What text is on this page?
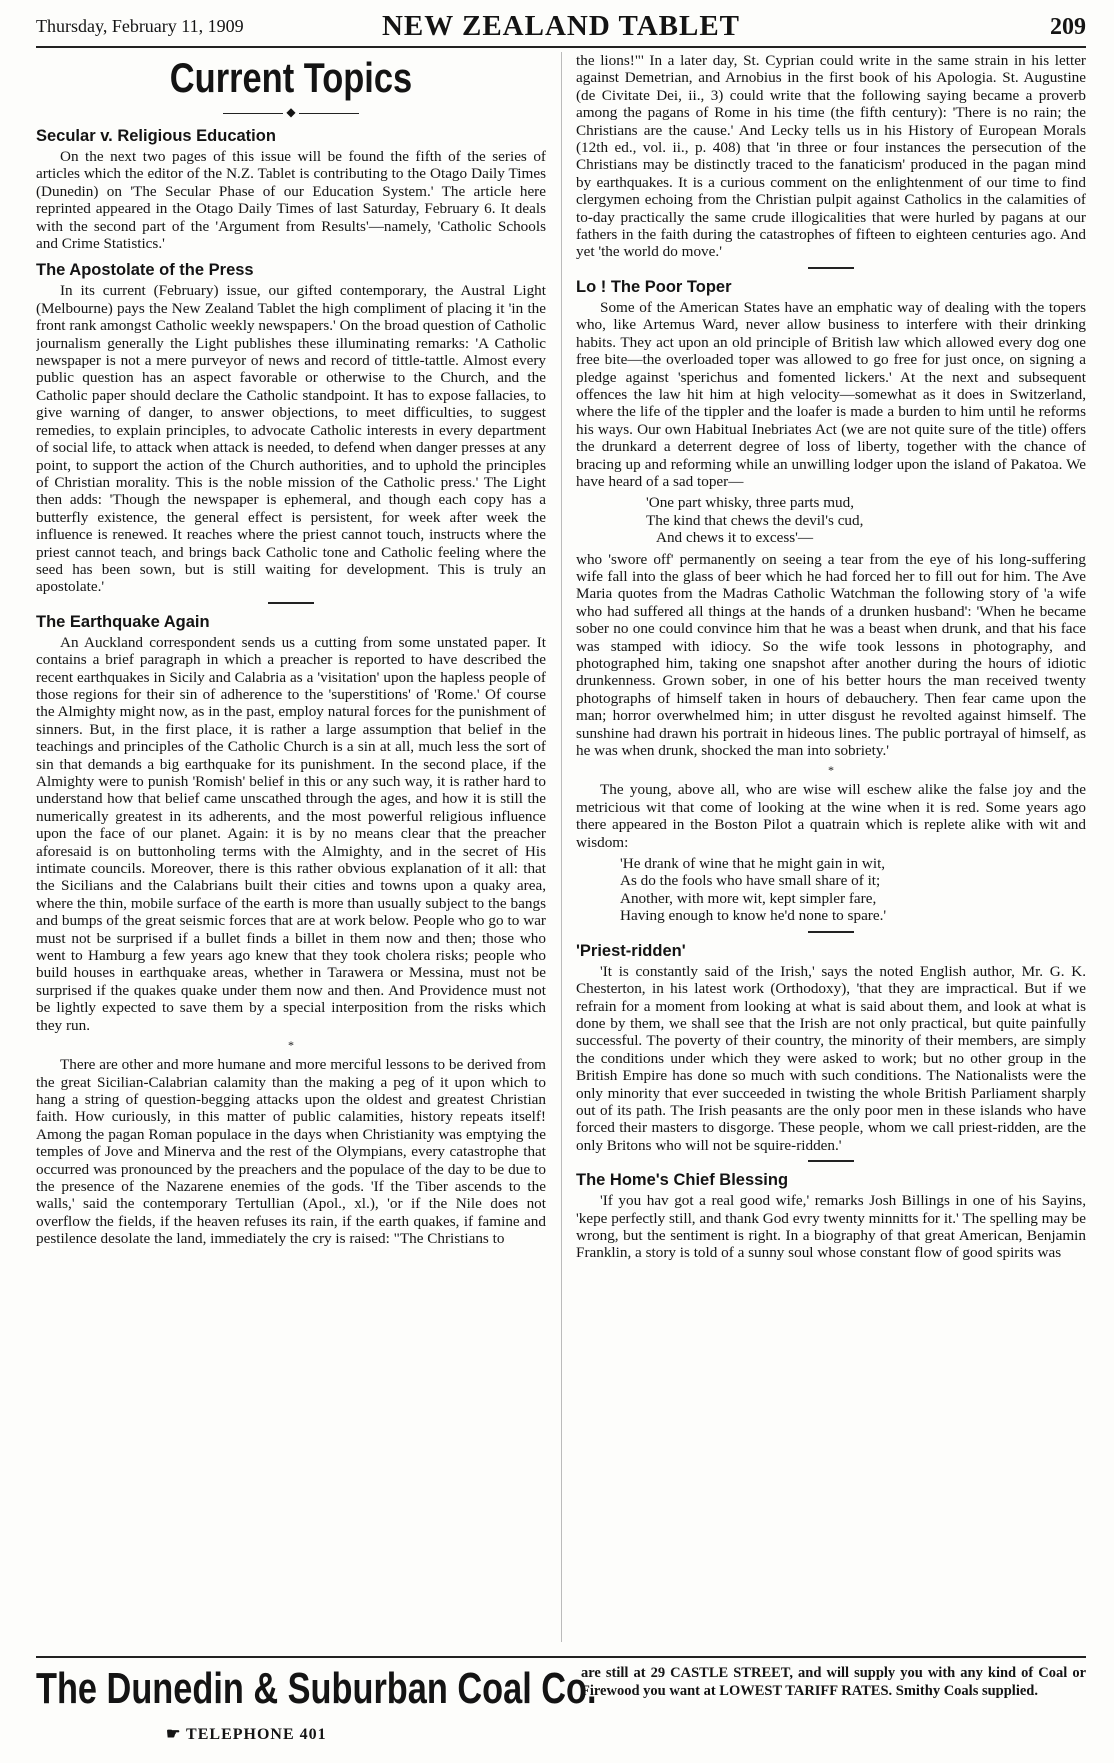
Thursday, February 11, 1909	NEW ZEALAND TABLET	209
Current Topics
◆
Secular v. Religious Education

On the next two pages of this issue will be found the fifth of the series of articles which the editor of the N.Z. Tablet is contributing to the Otago Daily Times (Dunedin) on 'The Secular Phase of our Education System.' The article here reprinted appeared in the Otago Daily Times of last Saturday, February 6. It deals with the second part of the 'Argument from Results'—namely, 'Catholic Schools and Crime Statistics.'

The Apostolate of the Press

In its current (February) issue, our gifted contemporary, the Austral Light (Melbourne) pays the New Zealand Tablet the high compliment of placing it 'in the front rank amongst Catholic weekly newspapers.' On the broad question of Catholic journalism generally the Light publishes these illuminating remarks: 'A Catholic newspaper is not a mere purveyor of news and record of tittle-tattle. Almost every public question has an aspect favorable or otherwise to the Church, and the Catholic paper should declare the Catholic standpoint. It has to expose fallacies, to give warning of danger, to answer objections, to meet difficulties, to suggest remedies, to explain principles, to advocate Catholic interests in every department of social life, to attack when attack is needed, to defend when danger presses at any point, to support the action of the Church authorities, and to uphold the principles of Christian morality. This is the noble mission of the Catholic press.' The Light then adds: 'Though the newspaper is ephemeral, and though each copy has a butterfly existence, the general effect is persistent, for week after week the influence is renewed. It reaches where the priest cannot touch, instructs where the priest cannot teach, and brings back Catholic tone and Catholic feeling where the seed has been sown, but is still waiting for development. This is truly an apostolate.'

The Earthquake Again

An Auckland correspondent sends us a cutting from some unstated paper. It contains a brief paragraph in which a preacher is reported to have described the recent earthquakes in Sicily and Calabria as a 'visitation' upon the hapless people of those regions for their sin of adherence to the 'superstitions' of 'Rome.' Of course the Almighty might now, as in the past, employ natural forces for the punishment of sinners. But, in the first place, it is rather a large assumption that belief in the teachings and principles of the Catholic Church is a sin at all, much less the sort of sin that demands a big earthquake for its punishment. In the second place, if the Almighty were to punish 'Romish' belief in this or any such way, it is rather hard to understand how that belief came unscathed through the ages, and how it is still the numerically greatest in its adherents, and the most powerful religious influence upon the face of our planet. Again: it is by no means clear that the preacher aforesaid is on buttonholing terms with the Almighty, and in the secret of His intimate councils. Moreover, there is this rather obvious explanation of it all: that the Sicilians and the Calabrians built their cities and towns upon a quaky area, where the thin, mobile surface of the earth is more than usually subject to the bangs and bumps of the great seismic forces that are at work below. People who go to war must not be surprised if a bullet finds a billet in them now and then; those who went to Hamburg a few years ago knew that they took cholera risks; people who build houses in earthquake areas, whether in Tarawera or Messina, must not be surprised if the quakes quake under them now and then. And Providence must not be lightly expected to save them by a special interposition from the risks which they run.

*

There are other and more humane and more merciful lessons to be derived from the great Sicilian-Calabrian calamity than the making a peg of it upon which to hang a string of question-begging attacks upon the oldest and greatest Christian faith. How curiously, in this matter of public calamities, history repeats itself! Among the pagan Roman populace in the days when Christianity was emptying the temples of Jove and Minerva and the rest of the Olympians, every catastrophe that occurred was pronounced by the preachers and the populace of the day to be due to the presence of the Nazarene enemies of the gods. 'If the Tiber ascends to the walls,' said the contemporary Tertullian (Apol., xl.), 'or if the Nile does not overflow the fields, if the heaven refuses its rain, if the earth quakes, if famine and pestilence desolate the land, immediately the cry is raised: "The Christians to

the lions!"' In a later day, St. Cyprian could write in the same strain in his letter against Demetrian, and Arnobius in the first book of his Apologia. St. Augustine (de Civitate Dei, ii., 3) could write that the following saying became a proverb among the pagans of Rome in his time (the fifth century): 'There is no rain; the Christians are the cause.' And Lecky tells us in his History of European Morals (12th ed., vol. ii., p. 408) that 'in three or four instances the persecution of the Christians may be distinctly traced to the fanaticism' produced in the pagan mind by earthquakes. It is a curious comment on the enlightenment of our time to find clergymen echoing from the Christian pulpit against Catholics in the calamities of to-day practically the same crude illogicalities that were hurled by pagans at our fathers in the faith during the catastrophes of fifteen to eighteen centuries ago. And yet 'the world do move.'

Lo ! The Poor Toper

Some of the American States have an emphatic way of dealing with the topers who, like Artemus Ward, never allow business to interfere with their drinking habits. They act upon an old principle of British law which allowed every dog one free bite—the overloaded toper was allowed to go free for just once, on signing a pledge against 'sperichus and fomented lickers.' At the next and subsequent offences the law hit him at high velocity—somewhat as it does in Switzerland, where the life of the tippler and the loafer is made a burden to him until he reforms his ways. Our own Habitual Inebriates Act (we are not quite sure of the title) offers the drunkard a deterrent degree of loss of liberty, together with the chance of bracing up and reforming while an unwilling lodger upon the island of Pakatoa. We have heard of a sad toper—

'One part whisky, three parts mud,
The kind that chews the devil's cud,
And chews it to excess'—

who 'swore off' permanently on seeing a tear from the eye of his long-suffering wife fall into the glass of beer which he had forced her to fill out for him. The Ave Maria quotes from the Madras Catholic Watchman the following story of 'a wife who had suffered all things at the hands of a drunken husband': 'When he became sober no one could convince him that he was a beast when drunk, and that his face was stamped with idiocy. So the wife took lessons in photography, and photographed him, taking one snapshot after another during the hours of idiotic drunkenness. Grown sober, in one of his better hours the man received twenty photographs of himself taken in hours of debauchery. Then fear came upon the man; horror overwhelmed him; in utter disgust he revolted against himself. The sunshine had drawn his portrait in hideous lines. The public portrayal of himself, as he was when drunk, shocked the man into sobriety.'

*

The young, above all, who are wise will eschew alike the false joy and the metricious wit that come of looking at the wine when it is red. Some years ago there appeared in the Boston Pilot a quatrain which is replete alike with wit and wisdom:

'He drank of wine that he might gain in wit,
As do the fools who have small share of it;
Another, with more wit, kept simpler fare,
Having enough to know he'd none to spare.'
'Priest-ridden'

'It is constantly said of the Irish,' says the noted English author, Mr. G. K. Chesterton, in his latest work (Orthodoxy), 'that they are impractical. But if we refrain for a moment from looking at what is said about them, and look at what is done by them, we shall see that the Irish are not only practical, but quite painfully successful. The poverty of their country, the minority of their members, are simply the conditions under which they were asked to work; but no other group in the British Empire has done so much with such conditions. The Nationalists were the only minority that ever succeeded in twisting the whole British Parliament sharply out of its path. The Irish peasants are the only poor men in these islands who have forced their masters to disgorge. These people, whom we call priest-ridden, are the only Britons who will not be squire-ridden.'

The Home's Chief Blessing

'If you hav got a real good wife,' remarks Josh Billings in one of his Sayins, 'kepe perfectly still, and thank God evry twenty minnitts for it.' The spelling may be wrong, but the sentiment is right. In a biography of that great American, Benjamin Franklin, a story is told of a sunny soul whose constant flow of good spirits was

The Dunedin & Suburban Coal Co.
☛ TELEPHONE 401
are still at 29 CASTLE STREET, and will supply you with any kind of Coal or Firewood you want at LOWEST TARIFF RATES. Smithy Coals supplied.
